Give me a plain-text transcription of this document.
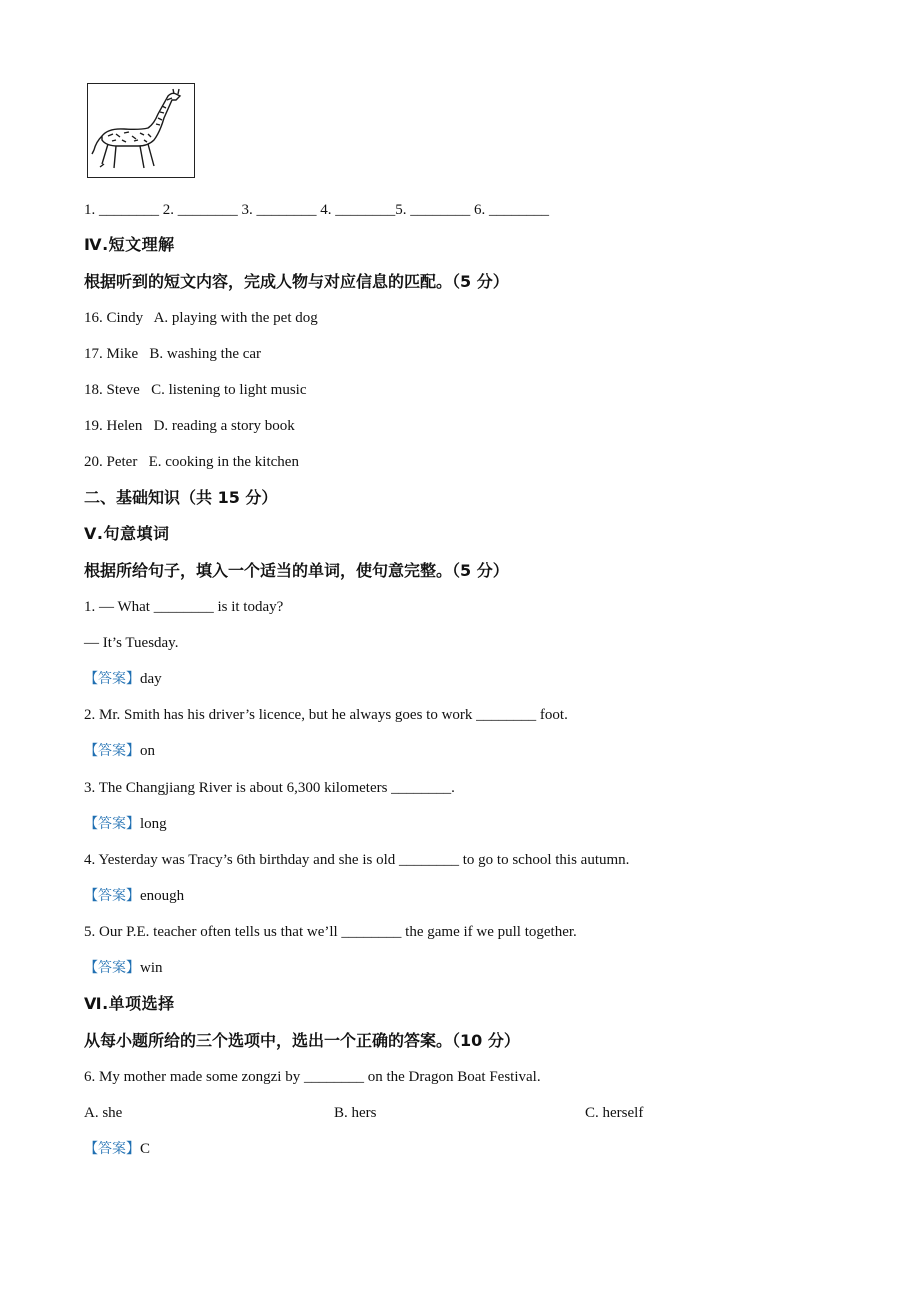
1. ________ 2. ________ 3. ________ 4. ________5. ________ 6. ________
Ⅳ.短文理解
根据听到的短文内容，完成人物与对应信息的匹配。（5 分）
16. Cindy   A. playing with the pet dog
17. Mike   B. washing the car
18. Steve   C. listening to light music
19. Helen   D. reading a story book
20. Peter   E. cooking in the kitchen
二、基础知识（共 15 分）
Ⅴ.句意填词
根据所给句子，填入一个适当的单词，使句意完整。（5 分）
1. — What ________ is it today?
— It’s Tuesday.
【答案】day
2. Mr. Smith has his driver’s licence, but he always goes to work ________ foot.
【答案】on
3. The Changjiang River is about 6,300 kilometers ________.
【答案】long
4. Yesterday was Tracy’s 6th birthday and she is old ________ to go to school this autumn.
【答案】enough
5. Our P.E. teacher often tells us that we’ll ________ the game if we pull together.
【答案】win
Ⅵ.单项选择
从每小题所给的三个选项中，选出一个正确的答案。（10 分）
6. My mother made some zongzi by ________ on the Dragon Boat Festival.
A. she	B. hers	C. herself
【答案】C
